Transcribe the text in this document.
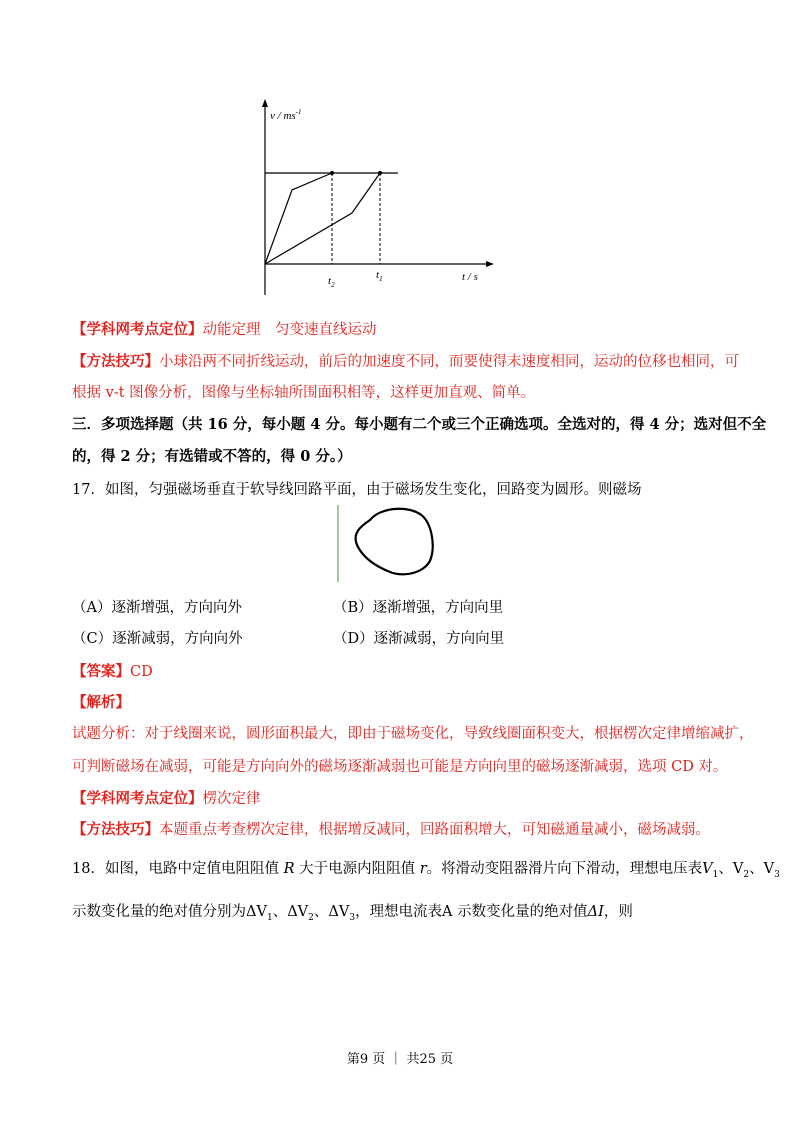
v / $ms^{-1}$
t / s
$t_2$
$t_1$
【学科网考点定位】动能定理　匀变速直线运动
【方法技巧】小球沿两不同折线运动，前后的加速度不同，而要使得末速度相同，运动的位移也相同，可
根据 v-t 图像分析，图像与坐标轴所围面积相等，这样更加直观、简单。
三．多项选择题（共 16 分，每小题 4 分。每小题有二个或三个正确选项。全选对的，得 4 分；选对但不全
的，得 2 分；有选错或不答的，得 0 分。）
17．如图，匀强磁场垂直于软导线回路平面，由于磁场发生变化，回路变为圆形。则磁场
（A）逐渐增强，方向向外	（B）逐渐增强，方向向里
（C）逐渐减弱，方向向外	（D）逐渐减弱，方向向里
【答案】CD
【解析】
试题分析：对于线圈来说，圆形面积最大，即由于磁场变化，导致线圈面积变大，根据楞次定律增缩减扩，
可判断磁场在减弱，可能是方向向外的磁场逐渐减弱也可能是方向向里的磁场逐渐减弱，选项 CD 对。
【学科网考点定位】楞次定律
【方法技巧】本题重点考查楞次定律，根据增反减同，回路面积增大，可知磁通量减小，磁场减弱。
18．如图，电路中定值电阻阻值 R 大于电源内阻阻值 r。将滑动变阻器滑片向下滑动，理想电压表$V_1$、$V_2$、$V_3$
示数变化量的绝对值分别为$\Delta V_1$、$\Delta V_2$、$\Delta V_3$，理想电流表A 示数变化量的绝对值ΔI，则
第9 页 ｜ 共25 页
